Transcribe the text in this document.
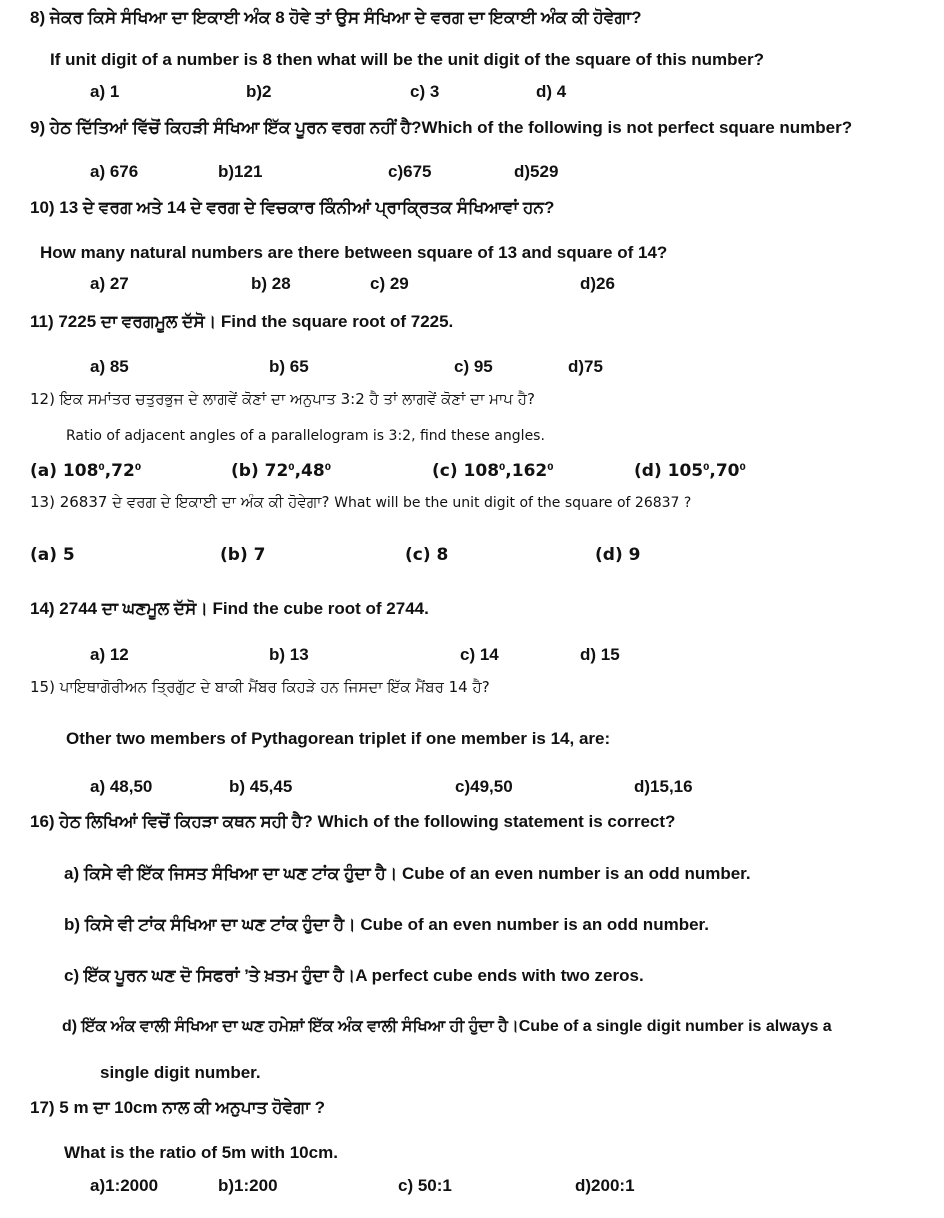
8) ਜੇਕਰ ਕਿਸੇ ਸੰਖਿਆ ਦਾ ਇਕਾਈ ਅੰਕ 8 ਹੋਵੇ ਤਾਂ ਉਸ ਸੰਖਿਆ ਦੇ ਵਰਗ ਦਾ ਇਕਾਈ ਅੰਕ ਕੀ ਹੋਵੇਗਾ?
If unit digit of a number is 8 then what will be the unit digit of the square of this number?
a) 1	b)2	c) 3	d) 4
9) ਹੇਠ ਦਿੱਤਿਆਂ ਵਿੱਚੋਂ ਕਿਹੜੀ ਸੰਖਿਆ ਇੱਕ ਪੂਰਨ ਵਰਗ ਨਹੀਂ ਹੈ?Which of the following is not perfect square number?
a) 676	b)121	c)675	d)529
10) 13 ਦੇ ਵਰਗ ਅਤੇ 14 ਦੇ ਵਰਗ ਦੇ ਵਿਚਕਾਰ ਕਿੰਨੀਆਂ ਪ੍ਰਾਕ੍ਰਿਤਕ ਸੰਖਿਆਵਾਂ ਹਨ?
How many natural numbers are there between square of 13 and square of 14?
a) 27	b) 28	c) 29	d)26
11) 7225 ਦਾ ਵਰਗਮੂਲ ਦੱਸੋ। Find the square root of 7225.
a) 85	b) 65	c) 95	d)75
12) ਇਕ ਸਮਾਂਤਰ ਚਤੁਰਭੁਜ ਦੇ ਲਾਗਵੇਂ ਕੋਣਾਂ ਦਾ ਅਨੁਪਾਤ 3:2 ਹੈ ਤਾਂ ਲਾਗਵੇਂ ਕੋਣਾਂ ਦਾ ਮਾਪ ਹੈ?
Ratio of adjacent angles of a parallelogram is 3:2, find these angles.
(a) $108^0,72^0$	(b) $72^0,48^0$	(c) $108^0,162^0$	(d) $105^0,70^0$
13) 26837 ਦੇ ਵਰਗ ਦੇ ਇਕਾਈ ਦਾ ਅੰਕ ਕੀ ਹੋਵੇਗਾ? What will be the unit digit of the square of 26837 ?
(a) 5	(b) 7	(c) 8	(d) 9
14) 2744 ਦਾ ਘਣਮੂਲ ਦੱਸੋ। Find the cube root of 2744.
a) 12	b) 13	c) 14	d) 15
15) ਪਾਇਥਾਗੋਰੀਅਨ ਤ੍ਰਿਗੁੱਟ ਦੇ ਬਾਕੀ ਮੈਂਬਰ ਕਿਹੜੇ ਹਨ ਜਿਸਦਾ ਇੱਕ ਮੈਂਬਰ 14 ਹੈ?
Other two members of Pythagorean triplet if one member is 14, are:
a) 48,50	b) 45,45	c)49,50	d)15,16
16) ਹੇਠ ਲਿਖਿਆਂ ਵਿਚੋਂ ਕਿਹੜਾ ਕਥਨ ਸਹੀ ਹੈ? Which of the following statement is correct?
a) ਕਿਸੇ ਵੀ ਇੱਕ ਜਿਸਤ ਸੰਖਿਆ ਦਾ ਘਣ ਟਾਂਕ ਹੁੰਦਾ ਹੈ। Cube of an even number is an odd number.
b) ਕਿਸੇ ਵੀ ਟਾਂਕ ਸੰਖਿਆ ਦਾ ਘਣ ਟਾਂਕ ਹੁੰਦਾ ਹੈ। Cube of an even number is an odd number.
c) ਇੱਕ ਪੂਰਨ ਘਣ ਦੋ ਸਿਫਰਾਂ ’ਤੇ ਖ਼ਤਮ ਹੁੰਦਾ ਹੈ।A perfect cube ends with two zeros.
d) ਇੱਕ ਅੰਕ ਵਾਲੀ ਸੰਖਿਆ ਦਾ ਘਣ ਹਮੇਸ਼ਾਂ ਇੱਕ ਅੰਕ ਵਾਲੀ ਸੰਖਿਆ ਹੀ ਹੁੰਦਾ ਹੈ।Cube of a single digit number is always a
single digit number.
17) 5 m ਦਾ 10cm ਨਾਲ ਕੀ ਅਨੁਪਾਤ ਹੋਵੇਗਾ ?
What is the ratio of 5m with 10cm.
a)1:2000	b)1:200	c) 50:1	d)200:1
